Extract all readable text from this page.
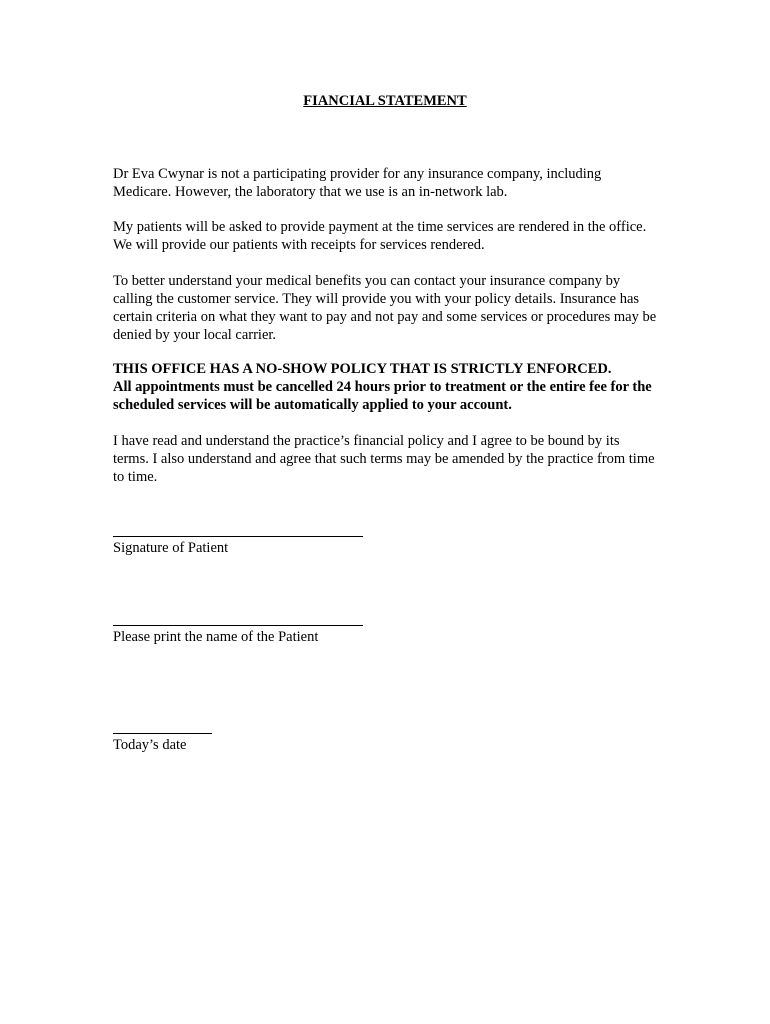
FIANCIAL STATEMENT

Dr Eva Cwynar is not a participating provider for any insurance company, including Medicare. However, the laboratory that we use is an in-network lab.

My patients will be asked to provide payment at the time services are rendered in the office. We will provide our patients with receipts for services rendered.

To better understand your medical benefits you can contact your insurance company by calling the customer service. They will provide you with your policy details. Insurance has certain criteria on what they want to pay and not pay and some services or procedures may be denied by your local carrier.

THIS OFFICE HAS A NO-SHOW POLICY THAT IS STRICTLY ENFORCED.
All appointments must be cancelled 24 hours prior to treatment or the entire fee for the scheduled services will be automatically applied to your account.

I have read and understand the practice’s financial policy and I agree to be bound by its terms. I also understand and agree that such terms may be amended by the practice from time to time.

Signature of Patient

Please print the name of the Patient

Today’s date
